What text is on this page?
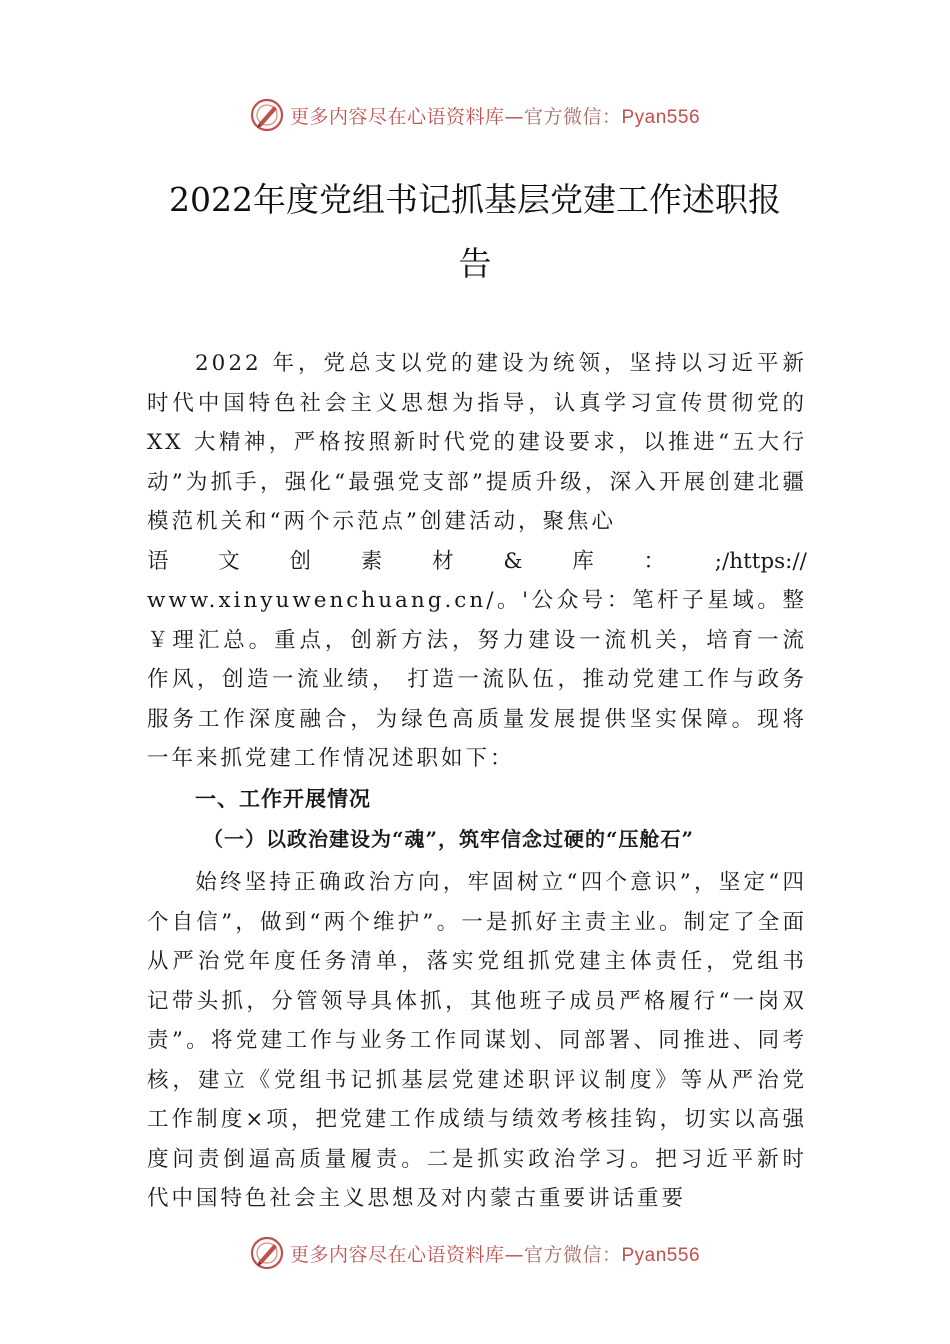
更多内容尽在心语资料库—官方微信：Pyan556
2022年度党组书记抓基层党建工作述职报
告
2022 年，党总支以党的建设为统领，坚持以习近平新时代中国特色社会主义思想为指导，认真学习宣传贯彻党的XX 大精神，严格按照新时代党的建设要求，以推进“五大行动”为抓手，强化“最强党支部”提质升级，深入开展创建北疆模范机关和“两个示范点”创建活动，聚焦心
语 文 创 素 材 & 库 ： ;/https://
www.xinyuwenchuang.cn/。'公众号：笔杆子星域。整￥理汇总。重点，创新方法，努力建设一流机关，培育一流作风，创造一流业绩， 打造一流队伍，推动党建工作与政务服务工作深度融合，为绿色高质量发展提供坚实保障。现将一年来抓党建工作情况述职如下：
一、工作开展情况
（一）以政治建设为“魂”，筑牢信念过硬的“压舱石”
始终坚持正确政治方向，牢固树立“四个意识”，坚定“四个自信”，做到“两个维护”。一是抓好主责主业。制定了全面从严治党年度任务清单，落实党组抓党建主体责任，党组书记带头抓，分管领导具体抓，其他班子成员严格履行“一岗双责”。将党建工作与业务工作同谋划、同部署、同推进、同考核，建立《党组书记抓基层党建述职评议制度》等从严治党工作制度×项，把党建工作成绩与绩效考核挂钩，切实以高强度问责倒逼高质量履责。二是抓实政治学习。把习近平新时代中国特色社会主义思想及对内蒙古重要讲话重要
更多内容尽在心语资料库—官方微信：Pyan556
